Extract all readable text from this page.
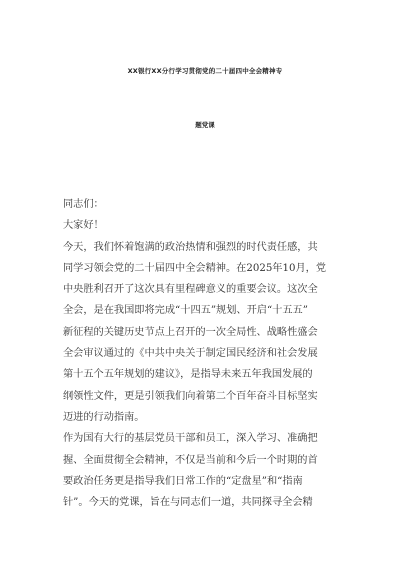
XX银行XX分行学习贯彻党的二十届四中全会精神专
题党课
同志们：
大家好！
今天，我们怀着饱满的政治热情和强烈的时代责任感，共
同学习领会党的二十届四中全会精神。在2025年10月，党
中央胜利召开了这次具有里程碑意义的重要会议。这次全
全会，是在我国即将完成“十四五”规划、开启“十五五”
新征程的关键历史节点上召开的一次全局性、战略性盛会
全会审议通过的《中共中央关于制定国民经济和社会发展
第十五个五年规划的建议》，是指导未来五年我国发展的
纲领性文件，更是引领我们向着第二个百年奋斗目标坚实
迈进的行动指南。
作为国有大行的基层党员干部和员工，深入学习、准确把
握、全面贯彻全会精神，不仅是当前和今后一个时期的首
要政治任务更是指导我们日常工作的“定盘星”和“指南
针”。今天的党课，旨在与同志们一道，共同探寻全会精
